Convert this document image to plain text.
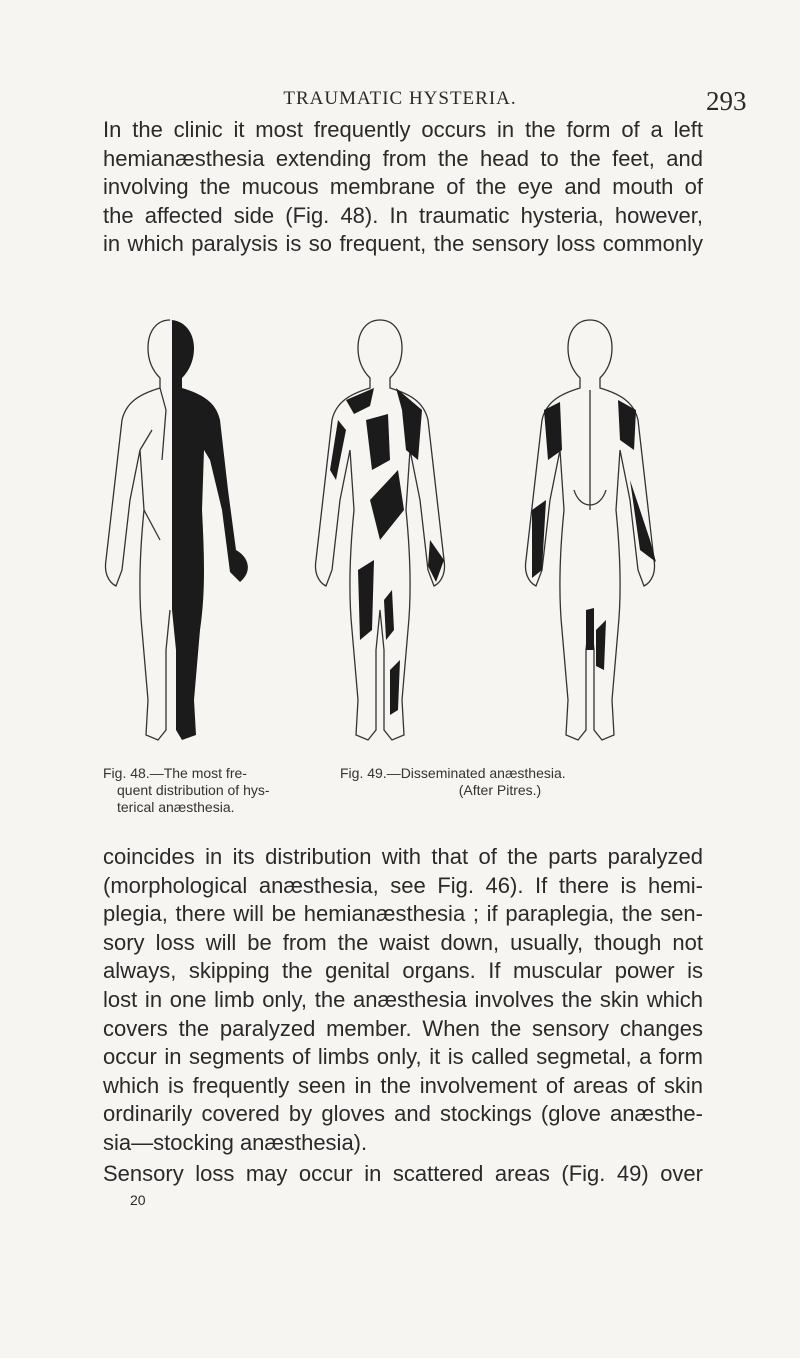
TRAUMATIC HYSTERIA.	293

In the clinic it most frequently occurs in the form of a left
hemianæsthesia extending from the head to the feet, and
involving the mucous membrane of the eye and mouth of
the affected side (Fig. 48). In traumatic hysteria, however,
in which paralysis is so frequent, the sensory loss commonly

Fig. 48.—The most fre-
quent distribution of hys-
terical anæsthesia.
Fig. 49.—Disseminated anæsthesia.
(After Pitres.)

coincides in its distribution with that of the parts paralyzed
(morphological anæsthesia, see Fig. 46). If there is hemi-
plegia, there will be hemianæsthesia ; if paraplegia, the sen-
sory loss will be from the waist down, usually, though not
always, skipping the genital organs. If muscular power is
lost in one limb only, the anæsthesia involves the skin which
covers the paralyzed member. When the sensory changes
occur in segments of limbs only, it is called segmetal, a form
which is frequently seen in the involvement of areas of skin
ordinarily covered by gloves and stockings (glove anæsthe-
sia—stocking anæsthesia).

Sensory loss may occur in scattered areas (Fig. 49) over

20
